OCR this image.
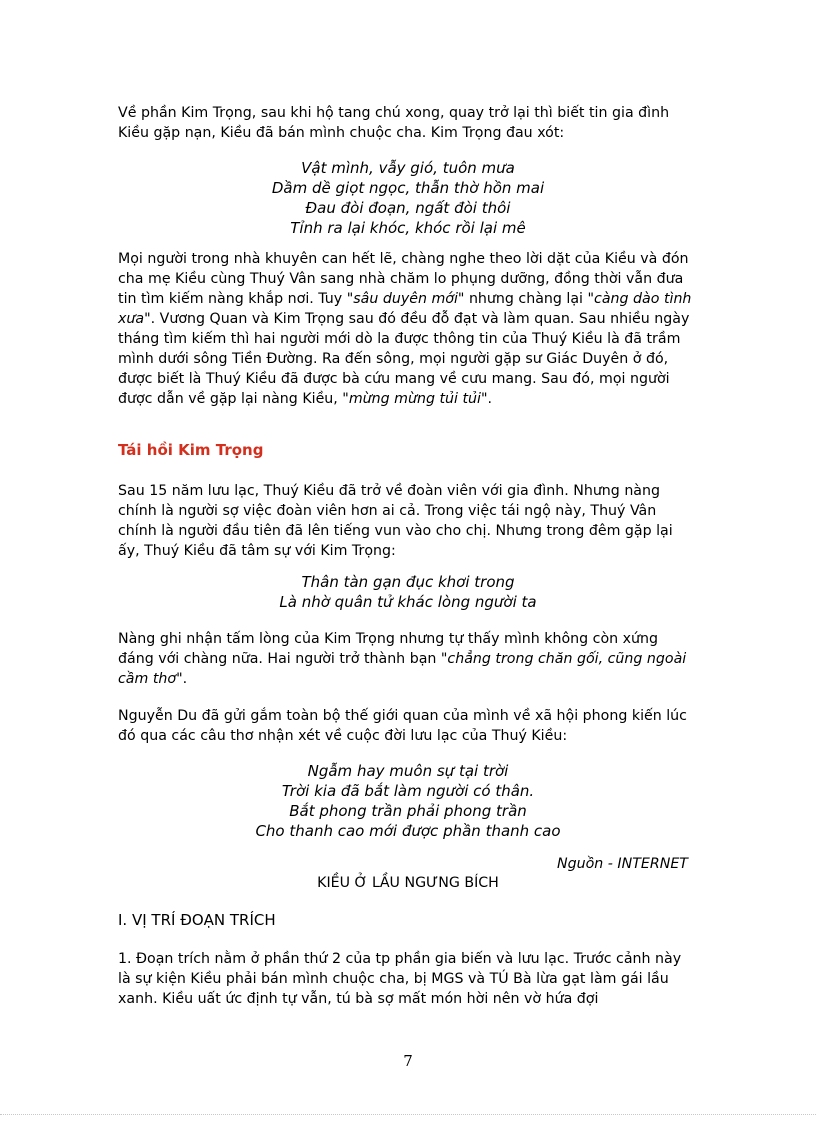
Về phần Kim Trọng, sau khi hộ tang chú xong, quay trở lại thì biết tin gia đình Kiều gặp nạn, Kiều đã bán mình chuộc cha. Kim Trọng đau xót:

Vật mình, vẫy gió, tuôn mưa
Dầm dề giọt ngọc, thẫn thờ hồn mai
Đau đòi đoạn, ngất đòi thôi
Tỉnh ra lại khóc, khóc rồi lại mê

Mọi người trong nhà khuyên can hết lẽ, chàng nghe theo lời dặt của Kiều và đón cha mẹ Kiều cùng Thuý Vân sang nhà chăm lo phụng dưỡng, đồng thời vẫn đưa tin tìm kiếm nàng khắp nơi. Tuy "sâu duyên mới" nhưng chàng lại "càng dào tình xưa". Vương Quan và Kim Trọng sau đó đều đỗ đạt và làm quan. Sau nhiều ngày tháng tìm kiếm thì hai người mới dò la được thông tin của Thuý Kiều là đã trầm mình dưới sông Tiền Đường. Ra đến sông, mọi người gặp sư Giác Duyên ở đó, được biết là Thuý Kiều đã được bà cứu mang về cưu mang. Sau đó, mọi người được dẫn về gặp lại nàng Kiều, "mừng mừng tủi tủi".

Tái hồi Kim Trọng

Sau 15 năm lưu lạc, Thuý Kiều đã trở về đoàn viên với gia đình. Nhưng nàng chính là người sợ việc đoàn viên hơn ai cả. Trong việc tái ngộ này, Thuý Vân chính là người đầu tiên đã lên tiếng vun vào cho chị. Nhưng trong đêm gặp lại ấy, Thuý Kiều đã tâm sự với Kim Trọng:

Thân tàn gạn đục khơi trong
Là nhờ quân tử khác lòng người ta

Nàng ghi nhận tấm lòng của Kim Trọng nhưng tự thấy mình không còn xứng đáng với chàng nữa. Hai người trở thành bạn "chẳng trong chăn gối, cũng ngoài cầm thơ".

Nguyễn Du đã gửi gắm toàn bộ thế giới quan của mình về xã hội phong kiến lúc đó qua các câu thơ nhận xét về cuộc đời lưu lạc của Thuý Kiều:

Ngẫm hay muôn sự tại trời
Trời kia đã bắt làm người có thân.
Bắt phong trần phải phong trần
Cho thanh cao mới được phần thanh cao
Nguồn - INTERNET
KIỀU Ở LẦU NGƯNG BÍCH
I. VỊ TRÍ ĐOẠN TRÍCH

1. Đoạn trích nằm ở phần thứ 2 của tp phần gia biến và lưu lạc. Trước cảnh này là sự kiện Kiều phải bán mình chuộc cha, bị MGS và TÚ Bà lừa gạt làm gái lầu xanh. Kiều uất ức định tự vẫn, tú bà sợ mất món hời nên vờ hứa đợi

7
